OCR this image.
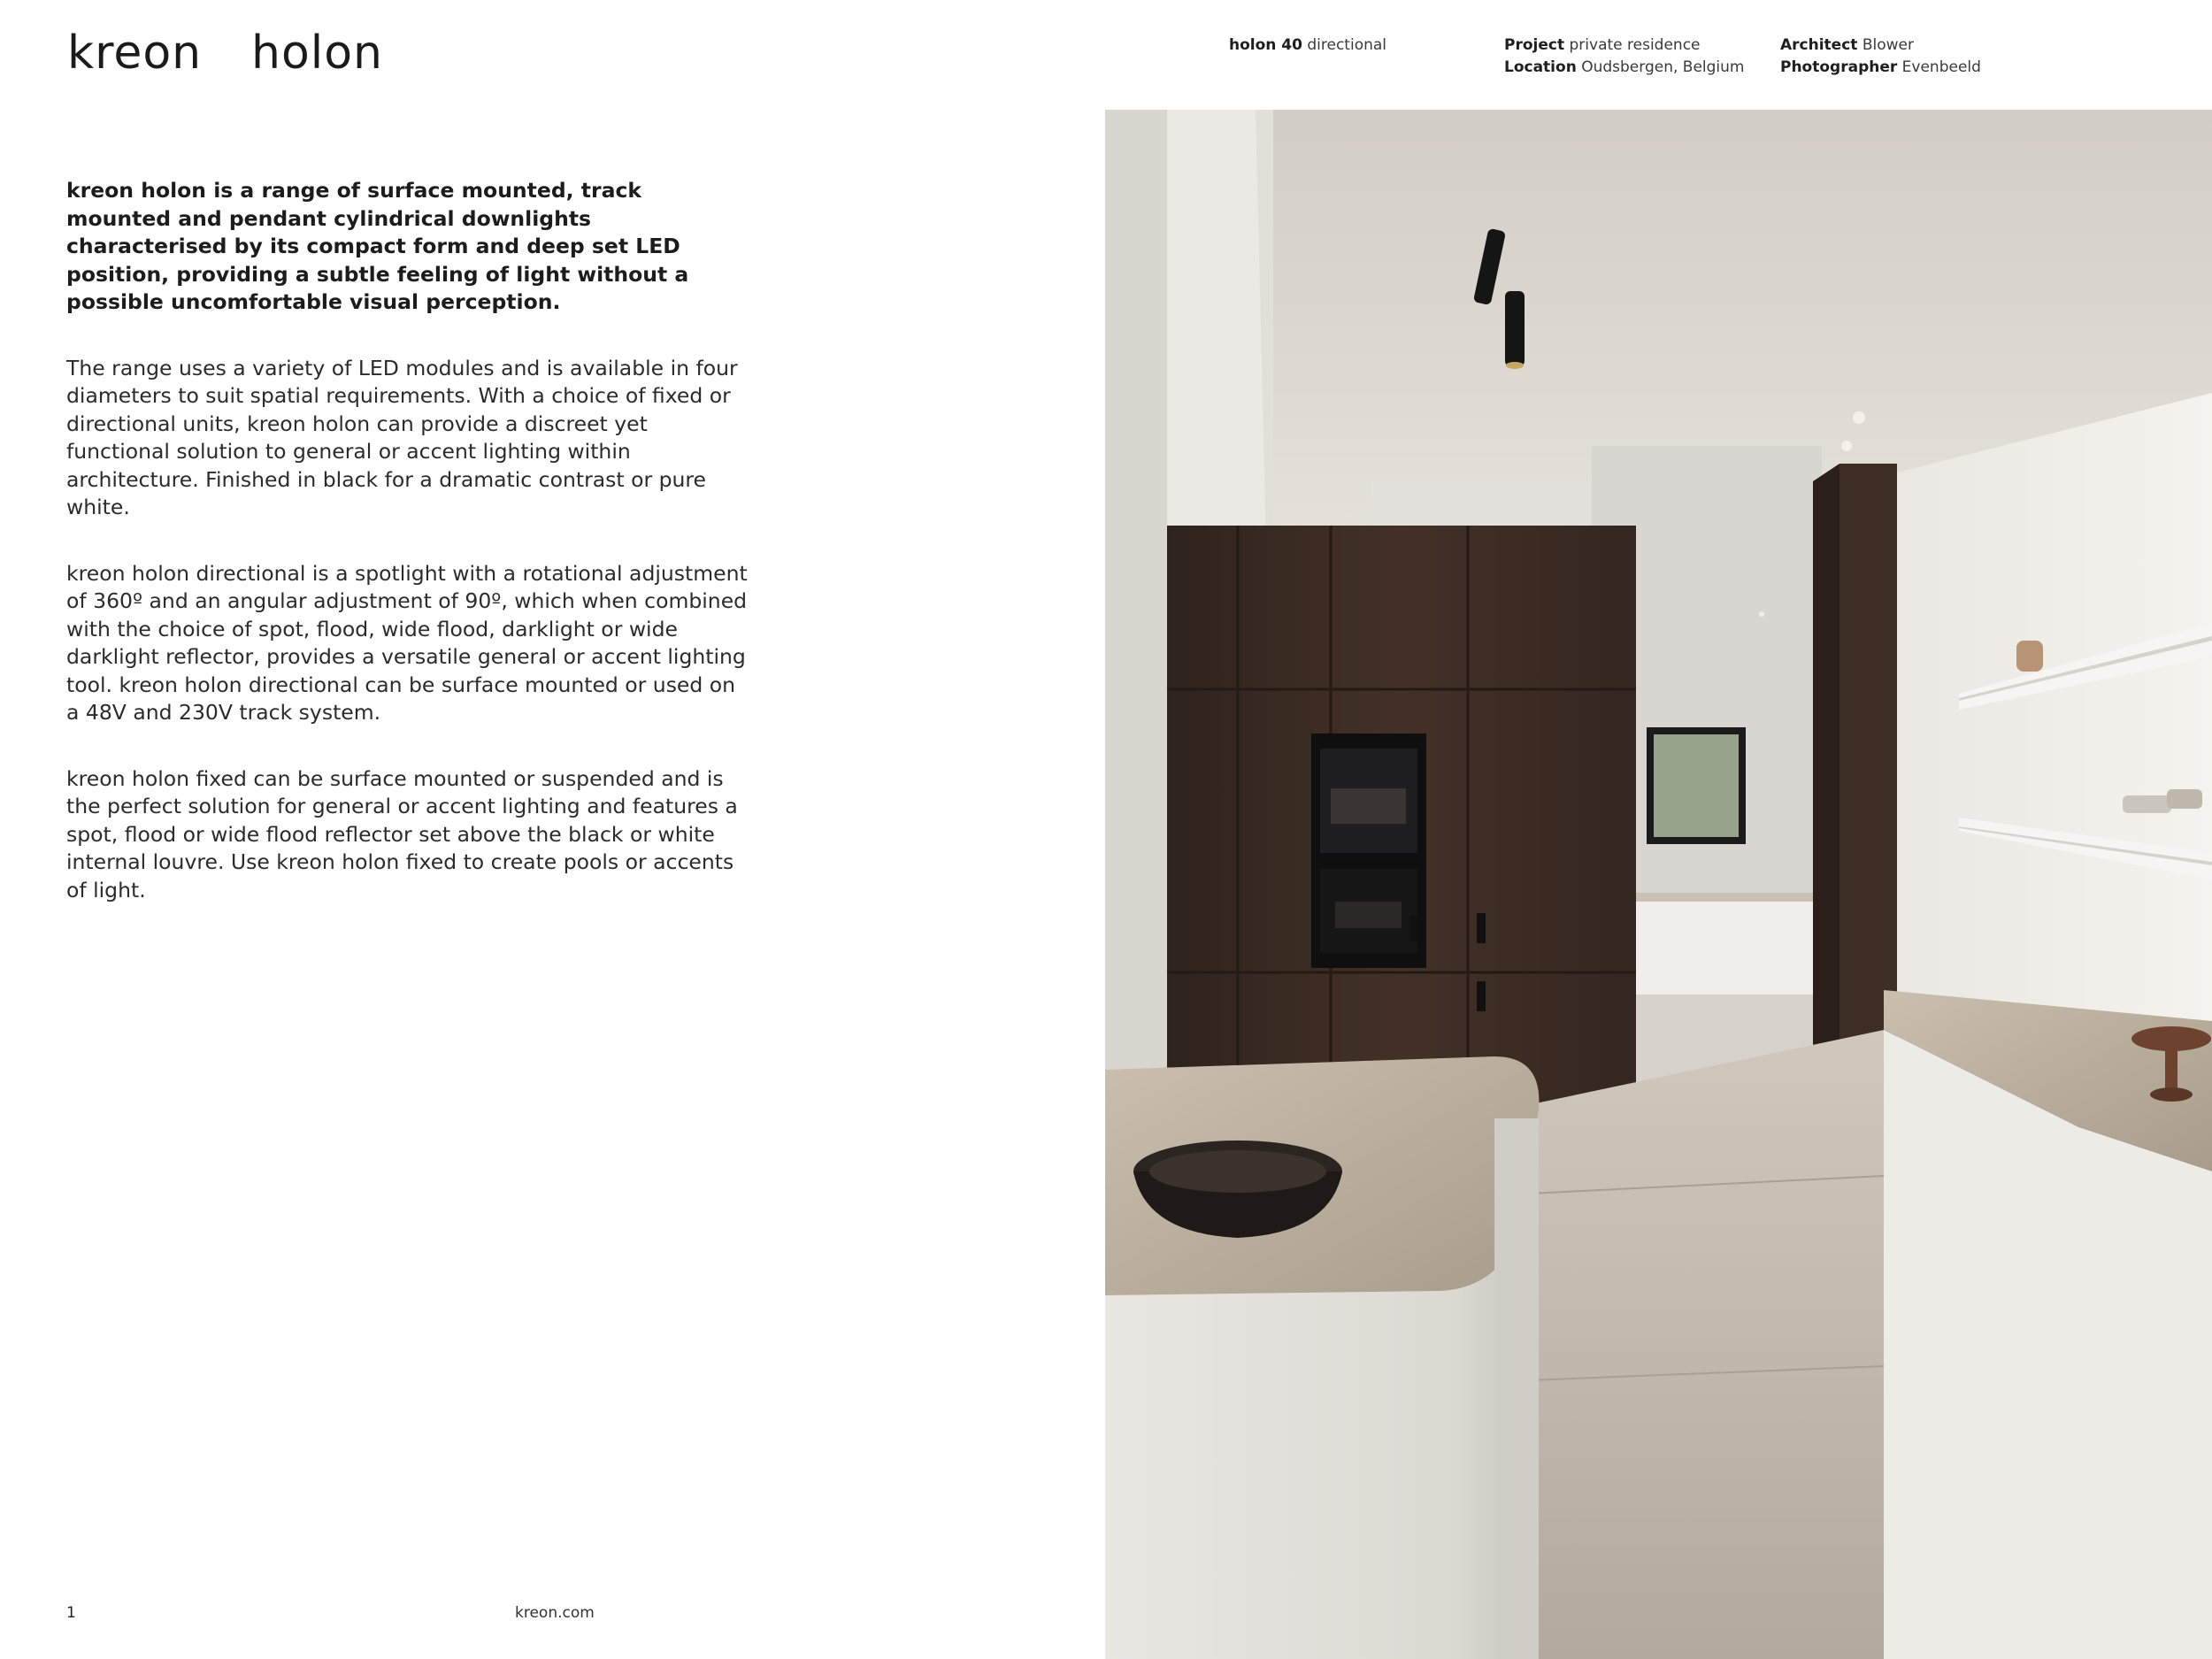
kreon holon	holon 40 directional	Project private residence
Location Oudsbergen, Belgium
Architect Blower
Photographer Evenbeeld

kreon holon is a range of surface mounted, track mounted and pendant cylindrical downlights characterised by its compact form and deep set LED position, providing a subtle feeling of light without a possible uncomfortable visual perception.

The range uses a variety of LED modules and is available in four diameters to suit spatial requirements. With a choice of fixed or directional units, kreon holon can provide a discreet yet functional solution to general or accent lighting within architecture. Finished in black for a dramatic contrast or pure white.

kreon holon directional is a spotlight with a rotational adjustment of 360º and an angular adjustment of 90º, which when combined with the choice of spot, flood, wide flood, darklight or wide darklight reflector, provides a versatile general or accent lighting tool. kreon holon directional can be surface mounted or used on a 48V and 230V track system.

kreon holon fixed can be surface mounted or suspended and is the perfect solution for general or accent lighting and features a spot, flood or wide flood reflector set above the black or white internal louvre. Use kreon holon fixed to create pools or accents of light.

1	kreon.com
